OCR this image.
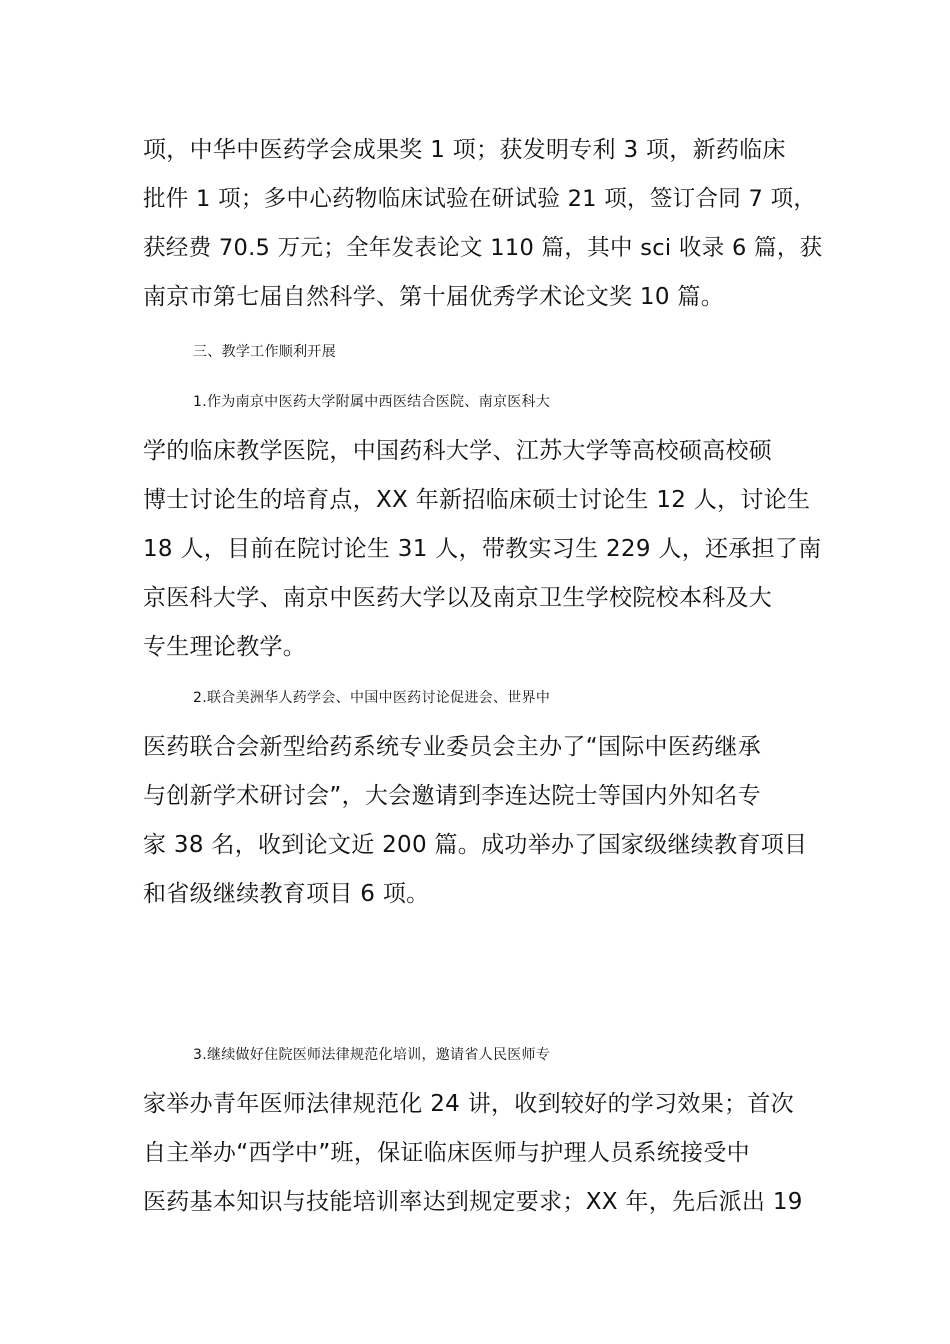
项，中华中医药学会成果奖 1 项；获发明专利 3 项，新药临床
批件 1 项；多中心药物临床试验在研试验 21 项，签订合同 7 项，
获经费 70.5 万元；全年发表论文 110 篇，其中 sci 收录 6 篇，获
南京市第七届自然科学、第十届优秀学术论文奖 10 篇。
三、教学工作顺利开展
1.作为南京中医药大学附属中西医结合医院、南京医科大
学的临床教学医院，中国药科大学、江苏大学等高校硕高校硕
博士讨论生的培育点，XX 年新招临床硕士讨论生 12 人，讨论生
18 人，目前在院讨论生 31 人，带教实习生 229 人，还承担了南
京医科大学、南京中医药大学以及南京卫生学校院校本科及大
专生理论教学。
2.联合美洲华人药学会、中国中医药讨论促进会、世界中
医药联合会新型给药系统专业委员会主办了“国际中医药继承
与创新学术研讨会”，大会邀请到李连达院士等国内外知名专
家 38 名，收到论文近 200 篇。成功举办了国家级继续教育项目
和省级继续教育项目 6 项。
3.继续做好住院医师法律规范化培训，邀请省人民医师专
家举办青年医师法律规范化 24 讲，收到较好的学习效果；首次
自主举办“西学中”班，保证临床医师与护理人员系统接受中
医药基本知识与技能培训率达到规定要求；XX 年，先后派出 19
